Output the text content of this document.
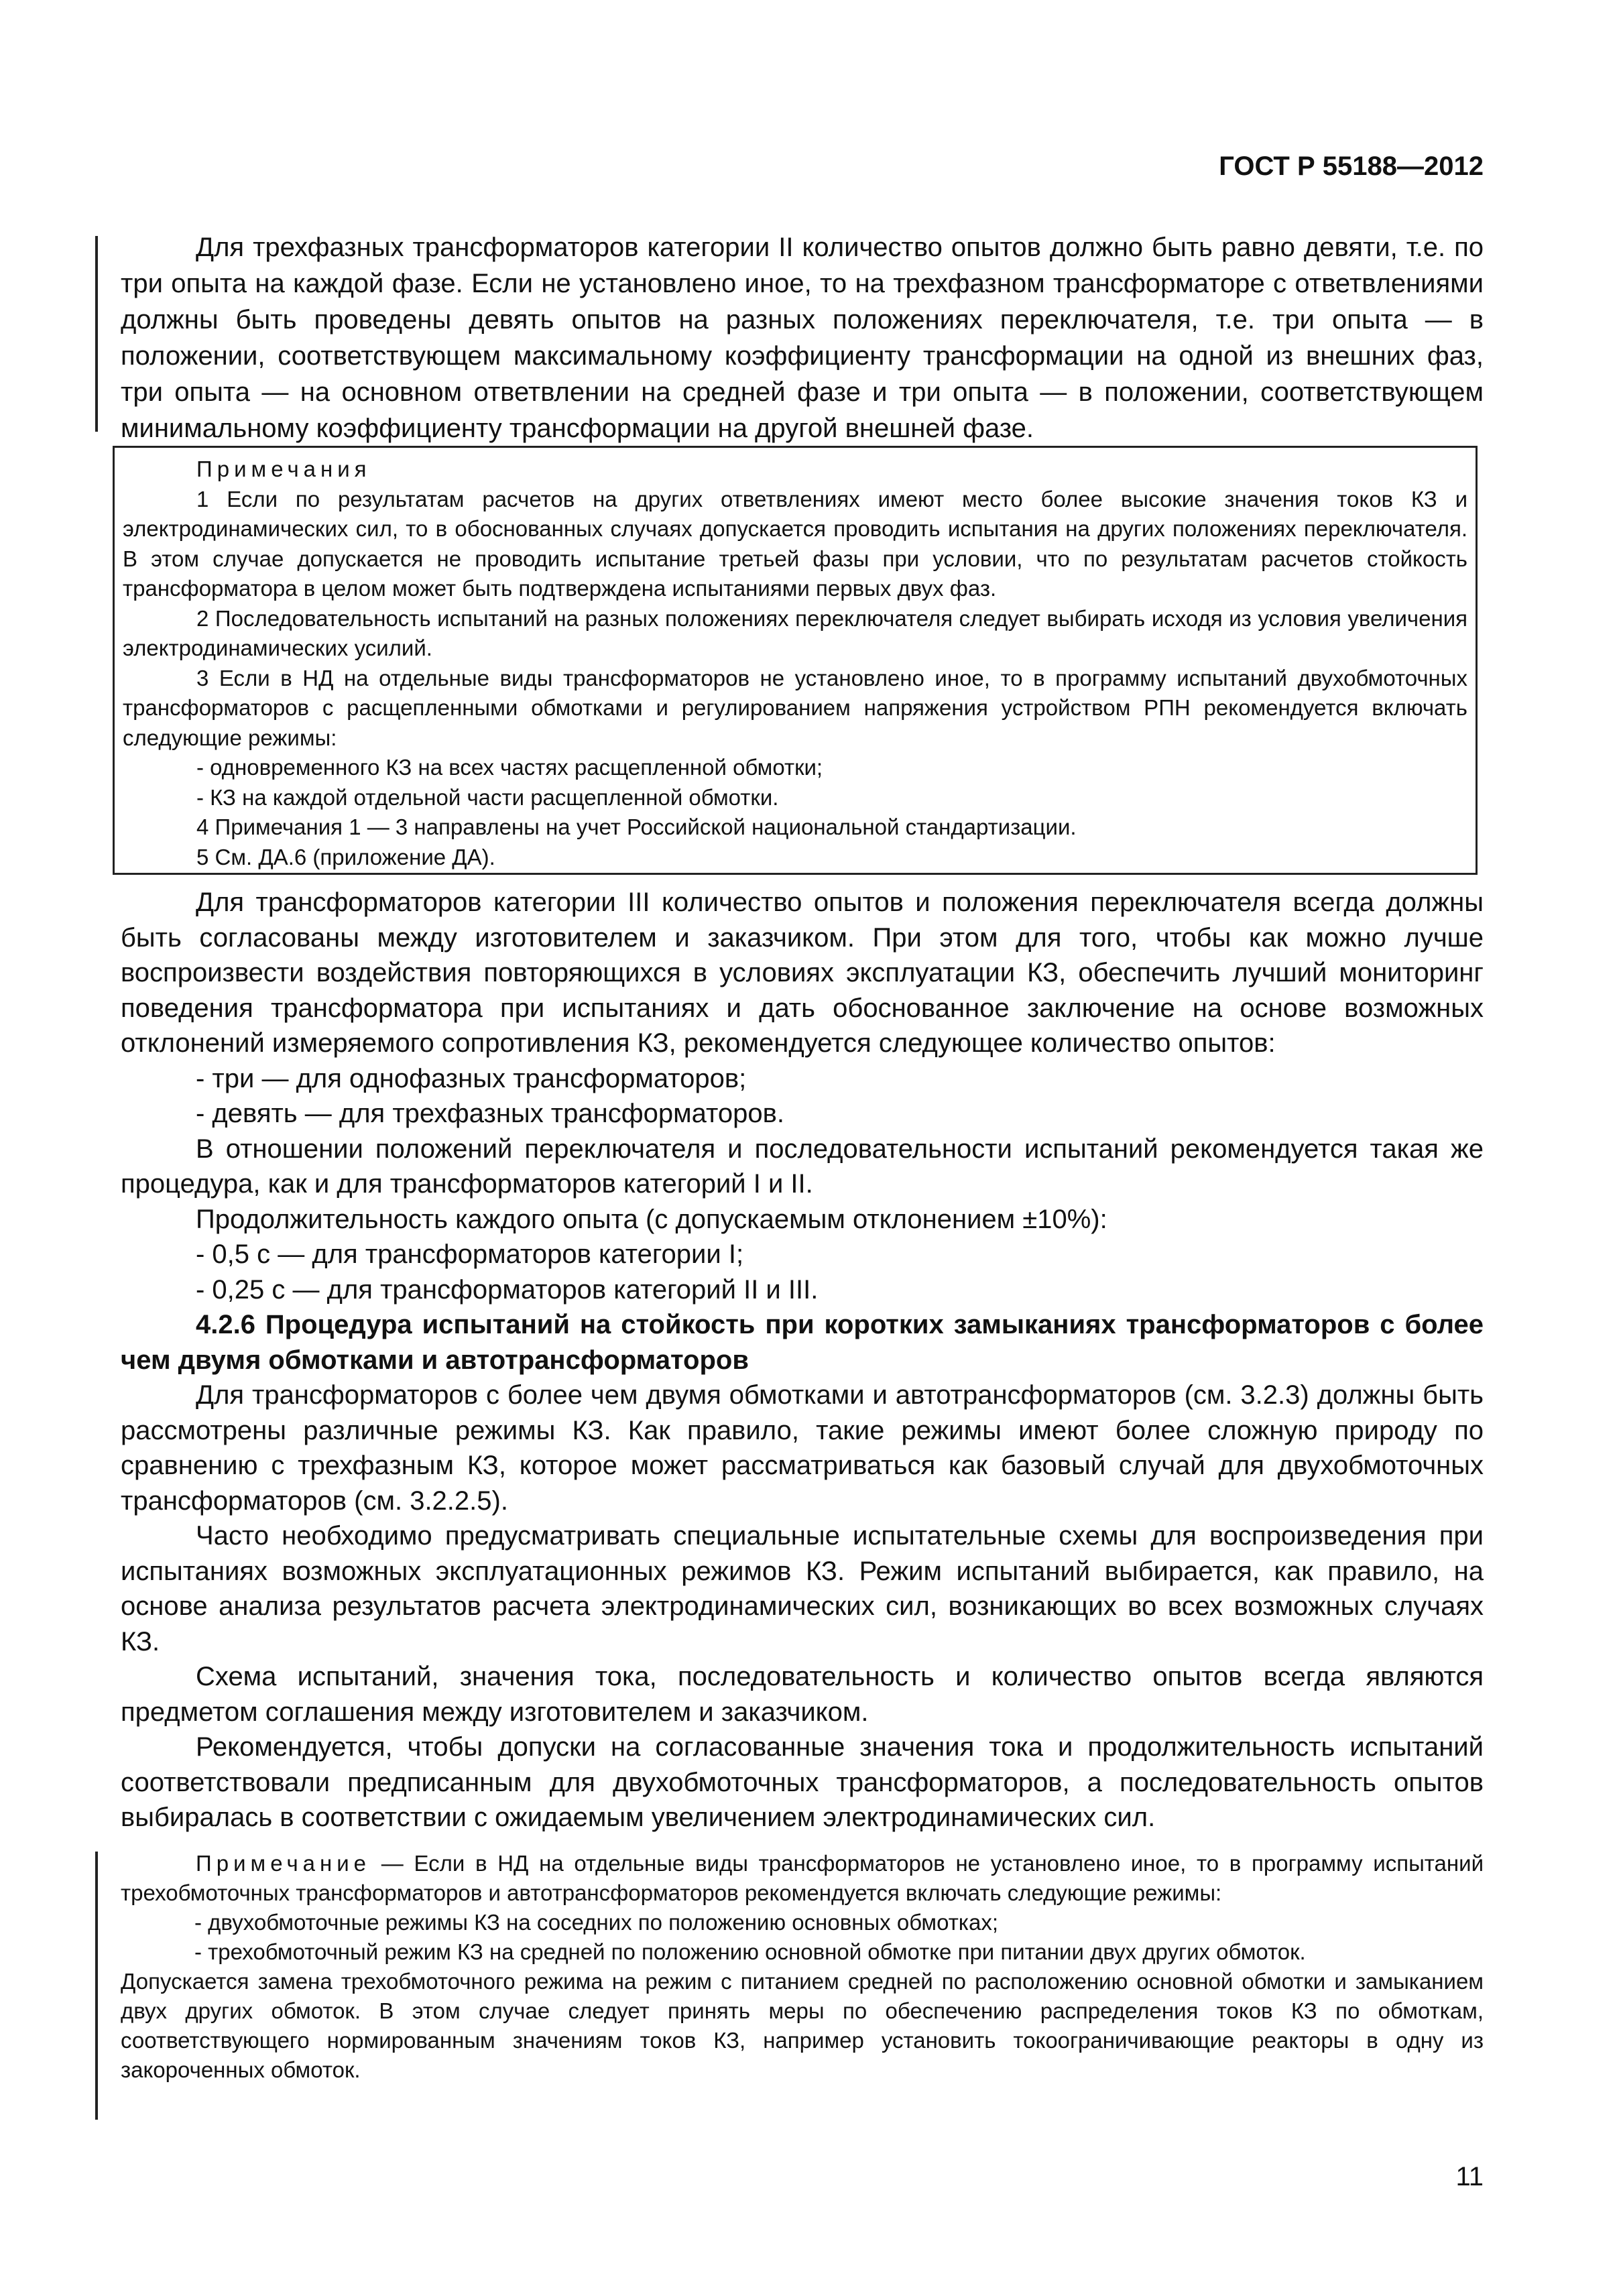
ГОСТ Р 55188—2012

Для трехфазных трансформаторов категории II количество опытов должно быть равно девяти, т.е. по три опыта на каждой фазе. Если не установлено иное, то на трехфазном трансформаторе с ответвлениями должны быть проведены девять опытов на разных положениях переключателя, т.е. три опыта — в положении, соответствующем максимальному коэффициенту трансформации на одной из внешних фаз, три опыта — на основном ответвлении на средней фазе и три опыта — в положении, соответствующем минимальному коэффициенту трансформации на другой внешней фазе.

Примечания

1 Если по результатам расчетов на других ответвлениях имеют место более высокие значения токов КЗ и электродинамических сил, то в обоснованных случаях допускается проводить испытания на других положениях переключателя. В этом случае допускается не проводить испытание третьей фазы при условии, что по результатам расчетов стойкость трансформатора в целом может быть подтверждена испытаниями первых двух фаз.

2 Последовательность испытаний на разных положениях переключателя следует выбирать исходя из условия увеличения электродинамических усилий.

3 Если в НД на отдельные виды трансформаторов не установлено иное, то в программу испытаний двухобмоточных трансформаторов с расщепленными обмотками и регулированием напряжения устройством РПН рекомендуется включать следующие режимы:

- одновременного КЗ на всех частях расщепленной обмотки;

- КЗ на каждой отдельной части расщепленной обмотки.

4 Примечания 1 — 3 направлены на учет Российской национальной стандартизации.

5 См. ДА.6 (приложение ДА).

Для трансформаторов категории III количество опытов и положения переключателя всегда должны быть согласованы между изготовителем и заказчиком. При этом для того, чтобы как можно лучше воспроизвести воздействия повторяющихся в условиях эксплуатации КЗ, обеспечить лучший мониторинг поведения трансформатора при испытаниях и дать обоснованное заключение на основе возможных отклонений измеряемого сопротивления КЗ, рекомендуется следующее количество опытов:

- три — для однофазных трансформаторов;

- девять — для трехфазных трансформаторов.

В отношении положений переключателя и последовательности испытаний рекомендуется такая же процедура, как и для трансформаторов категорий I и II.

Продолжительность каждого опыта (с допускаемым отклонением ±10%):

- 0,5 с — для трансформаторов категории I;

- 0,25 с — для трансформаторов категорий II и III.

4.2.6 Процедура испытаний на стойкость при коротких замыканиях трансформаторов с более чем двумя обмотками и автотрансформаторов

Для трансформаторов с более чем двумя обмотками и автотрансформаторов (см. 3.2.3) должны быть рассмотрены различные режимы КЗ. Как правило, такие режимы имеют более сложную природу по сравнению с трехфазным КЗ, которое может рассматриваться как базовый случай для двухобмоточных трансформаторов (см. 3.2.2.5).

Часто необходимо предусматривать специальные испытательные схемы для воспроизведения при испытаниях возможных эксплуатационных режимов КЗ. Режим испытаний выбирается, как правило, на основе анализа результатов расчета электродинамических сил, возникающих во всех возможных случаях КЗ.

Схема испытаний, значения тока, последовательность и количество опытов всегда являются предметом соглашения между изготовителем и заказчиком.

Рекомендуется, чтобы допуски на согласованные значения тока и продолжительность испытаний соответствовали предписанным для двухобмоточных трансформаторов, а последовательность опытов выбиралась в соответствии с ожидаемым увеличением электродинамических сил.

Примечание — Если в НД на отдельные виды трансформаторов не установлено иное, то в программу испытаний трехобмоточных трансформаторов и автотрансформаторов рекомендуется включать следующие режимы:

- двухобмоточные режимы КЗ на соседних по положению основных обмотках;

- трехобмоточный режим КЗ на средней по положению основной обмотке при питании двух других обмоток.

Допускается замена трехобмоточного режима на режим с питанием средней по расположению основной обмотки и замыканием двух других обмоток. В этом случае следует принять меры по обеспечению распределения токов КЗ по обмоткам, соответствующего нормированным значениям токов КЗ, например установить токоограничивающие реакторы в одну из закороченных обмоток.

11
